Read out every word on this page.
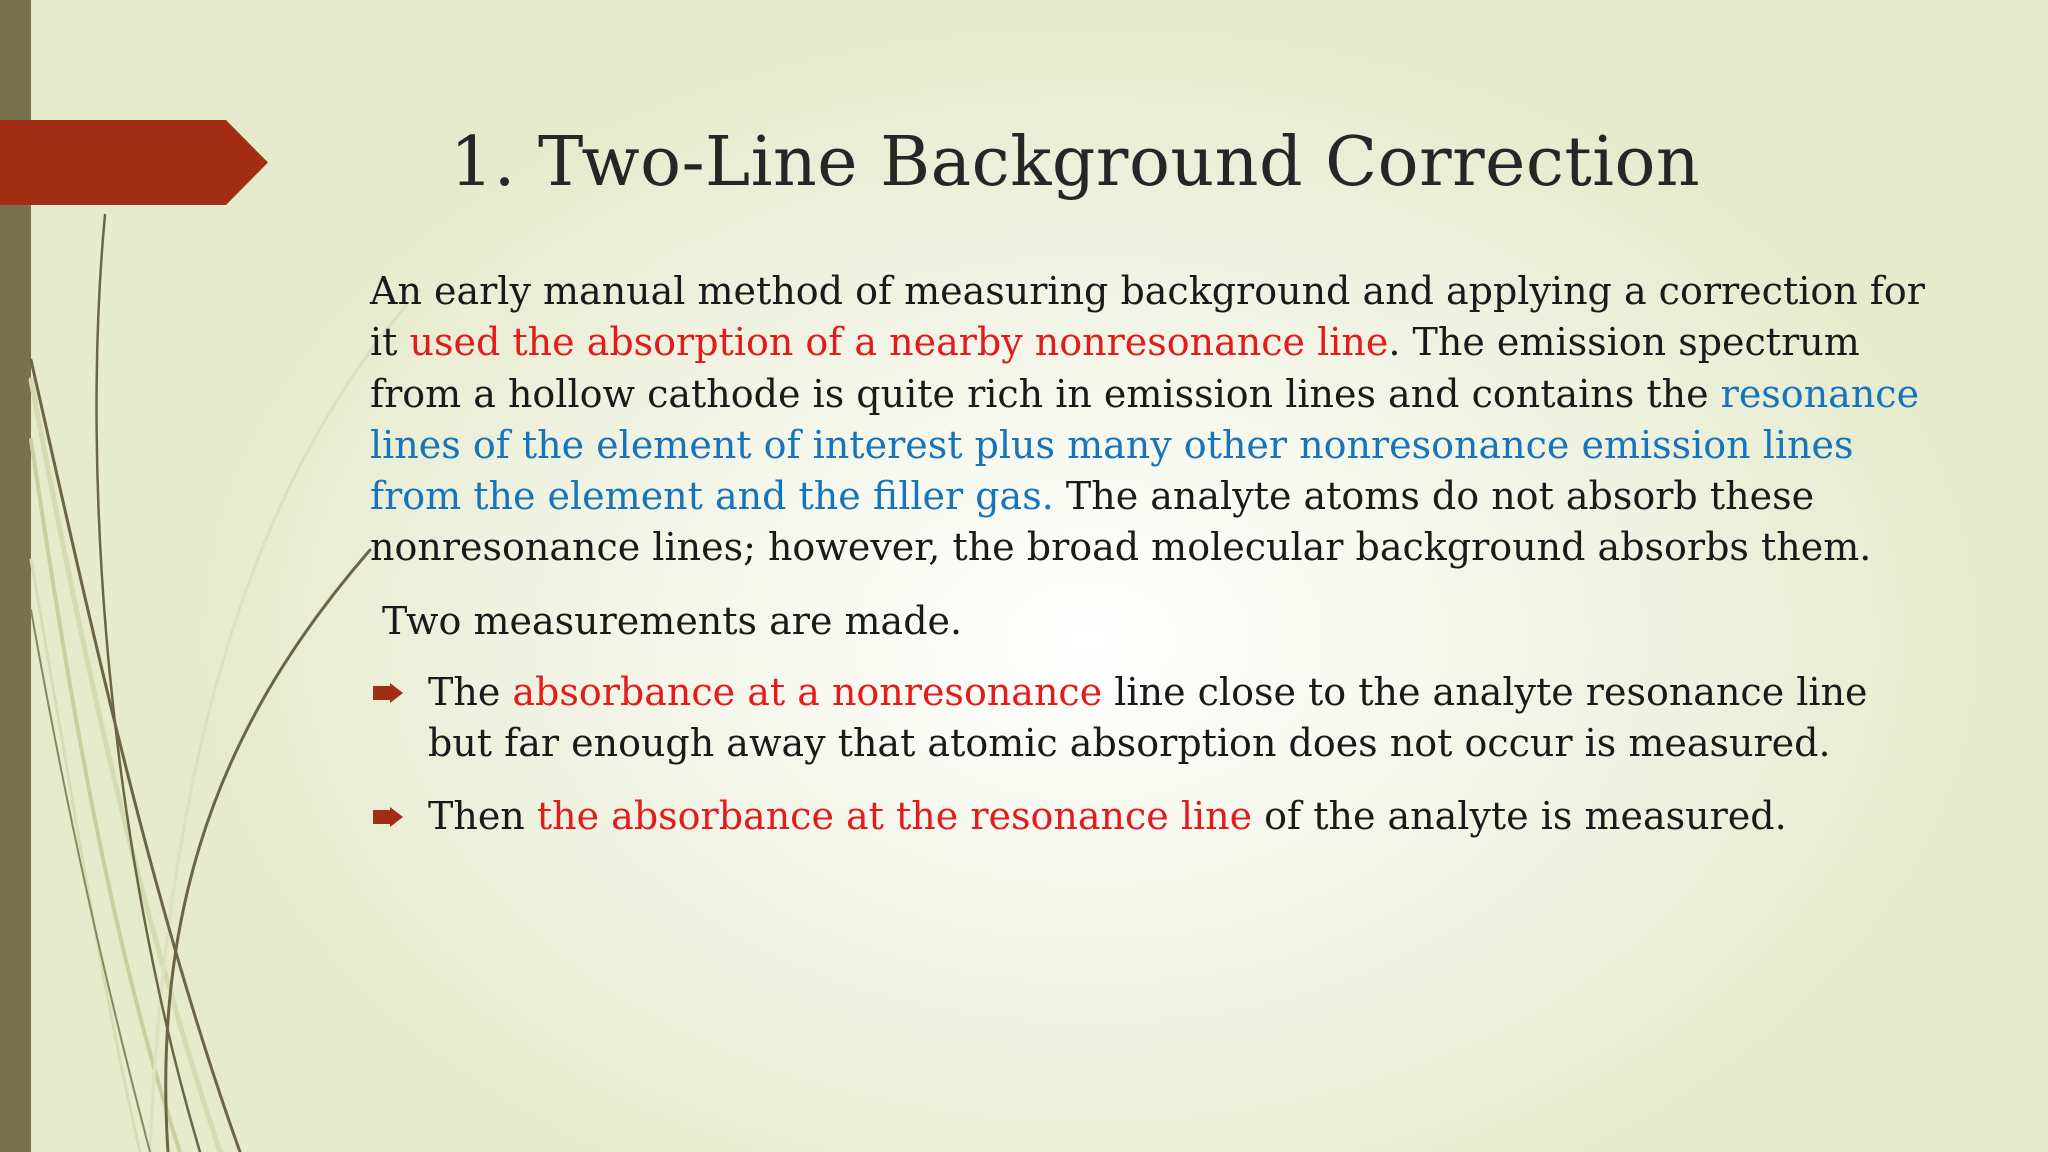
1. Two-Line Background Correction

An early manual method of measuring background and applying a correction for it used the absorption of a nearby nonresonance line. The emission spectrum from a hollow cathode is quite rich in emission lines and contains the resonance lines of the element of interest plus many other nonresonance emission lines from the element and the filler gas. The analyte atoms do not absorb these nonresonance lines; however, the broad molecular background absorbs them.

Two measurements are made.

The absorbance at a nonresonance line close to the analyte resonance line but far enough away that atomic absorption does not occur is measured.
Then the absorbance at the resonance line of the analyte is measured.
